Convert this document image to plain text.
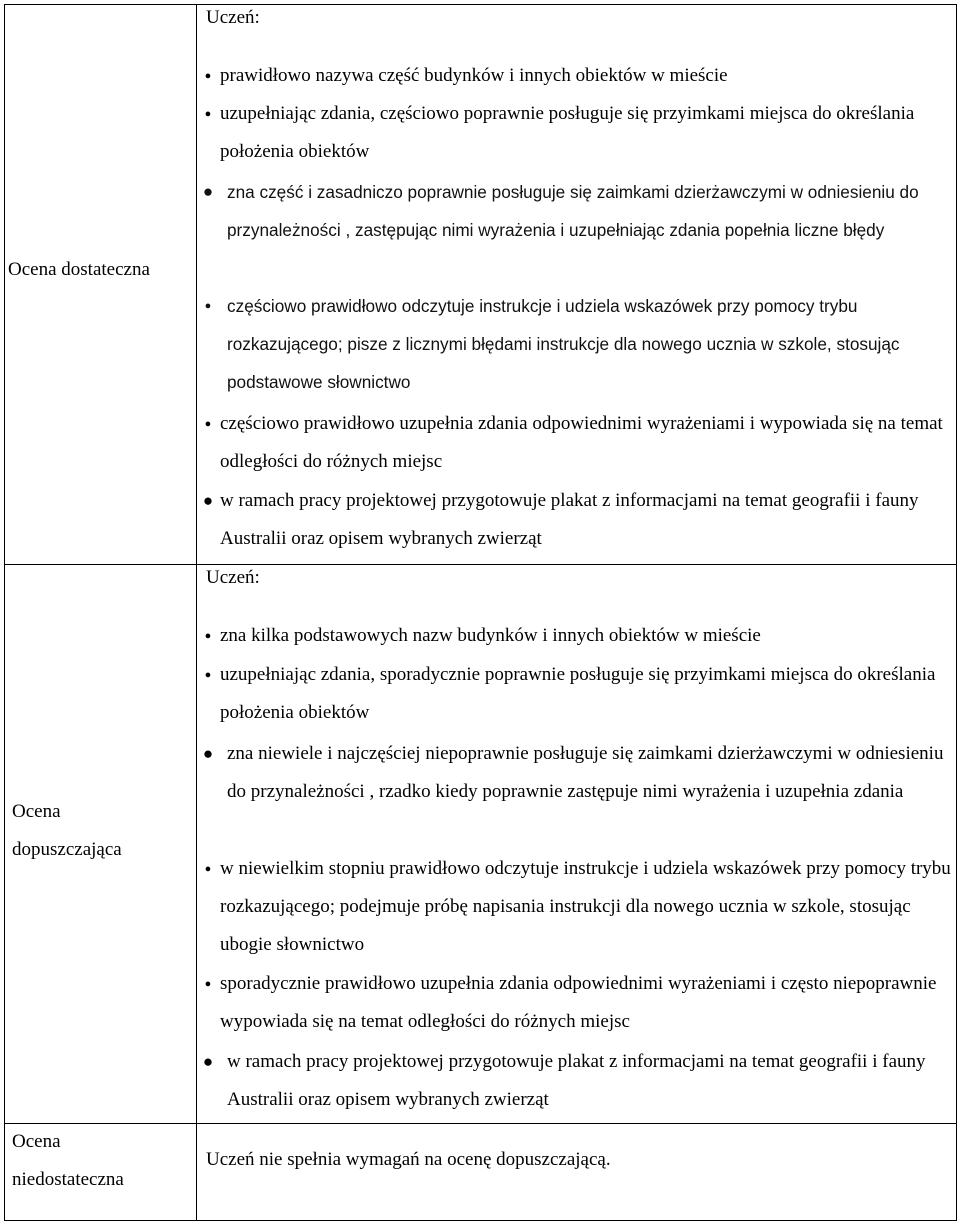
Ocena dostateczna
Uczeń:
● prawidłowo nazywa część budynków i innych obiektów w mieście
● uzupełniając zdania, częściowo poprawnie posługuje się przyimkami miejsca do określania położenia obiektów
● zna część i zasadniczo poprawnie posługuje się zaimkami dzierżawczymi w odniesieniu do przynależności , zastępując nimi wyrażenia i uzupełniając zdania popełnia liczne błędy
● częściowo prawidłowo odczytuje instrukcje i udziela wskazówek przy pomocy trybu rozkazującego; pisze z licznymi błędami instrukcje dla nowego ucznia w szkole, stosując podstawowe słownictwo
● częściowo prawidłowo uzupełnia zdania odpowiednimi wyrażeniami i wypowiada się na temat odległości do różnych miejsc
● w ramach pracy projektowej przygotowuje plakat z informacjami na temat geografii i fauny Australii oraz opisem wybranych zwierząt
Ocena
dopuszczająca
Uczeń:
● zna kilka podstawowych nazw budynków i innych obiektów w mieście
● uzupełniając zdania, sporadycznie poprawnie posługuje się przyimkami miejsca do określania położenia obiektów
● zna niewiele i najczęściej niepoprawnie posługuje się zaimkami dzierżawczymi w odniesieniu do przynależności , rzadko kiedy poprawnie zastępuje nimi wyrażenia i uzupełnia zdania
● w niewielkim stopniu prawidłowo odczytuje instrukcje i udziela wskazówek przy pomocy trybu rozkazującego; podejmuje próbę napisania instrukcji dla nowego ucznia w szkole, stosując ubogie słownictwo
● sporadycznie prawidłowo uzupełnia zdania odpowiednimi wyrażeniami i często niepoprawnie wypowiada się na temat odległości do różnych miejsc
● w ramach pracy projektowej przygotowuje plakat z informacjami na temat geografii i fauny Australii oraz opisem wybranych zwierząt
Ocena
niedostateczna
Uczeń nie spełnia wymagań na ocenę dopuszczającą.
